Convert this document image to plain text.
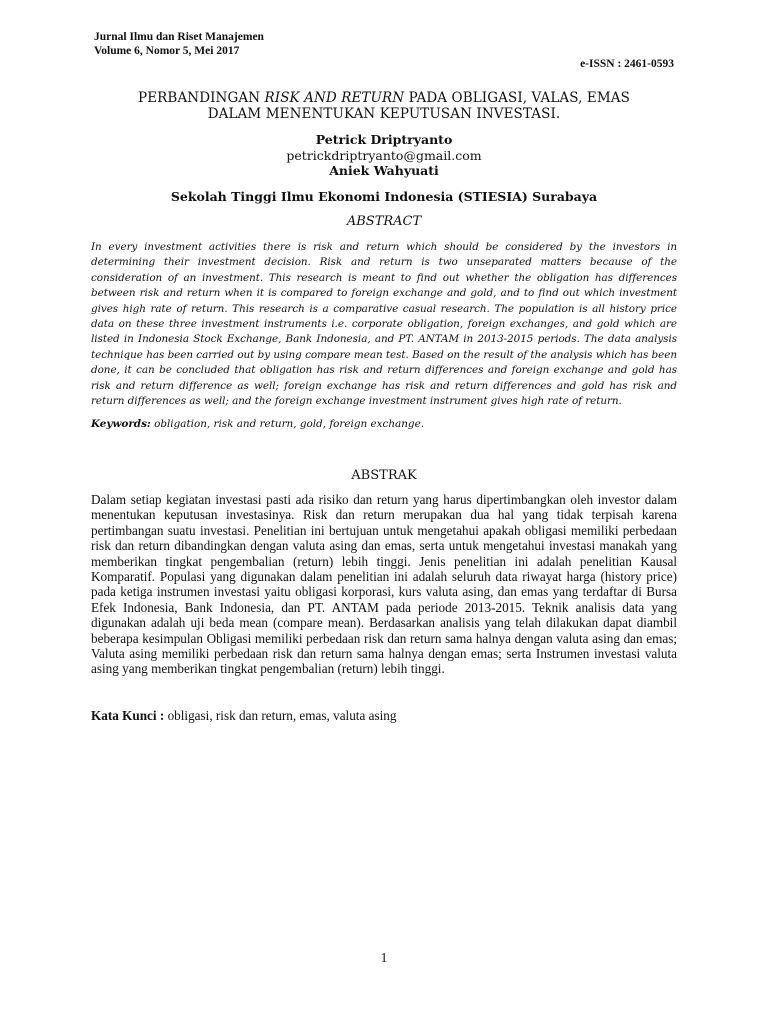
Jurnal Ilmu dan Riset Manajemen
Volume 6, Nomor 5, Mei 2017
e-ISSN : 2461-0593
PERBANDINGAN RISK AND RETURN PADA OBLIGASI, VALAS, EMAS
DALAM MENENTUKAN KEPUTUSAN INVESTASI.
Petrick Driptryanto
petrickdriptryanto@gmail.com
Aniek Wahyuati
Sekolah Tinggi Ilmu Ekonomi Indonesia (STIESIA) Surabaya
ABSTRACT
In every investment activities there is risk and return which should be considered by the investors in determining their investment decision. Risk and return is two unseparated matters because of the consideration of an investment. This research is meant to find out whether the obligation has differences between risk and return when it is compared to foreign exchange and gold, and to find out which investment gives high rate of return. This research is a comparative casual research. The population is all history price data on these three investment instruments i.e. corporate obligation, foreign exchanges, and gold which are listed in Indonesia Stock Exchange, Bank Indonesia, and PT. ANTAM in 2013-2015 periods. The data analysis technique has been carried out by using compare mean test. Based on the result of the analysis which has been done, it can be concluded that obligation has risk and return differences and foreign exchange and gold has risk and return difference as well; foreign exchange has risk and return differences and gold has risk and return differences as well; and the foreign exchange investment instrument gives high rate of return.
Keywords: obligation, risk and return, gold, foreign exchange.
ABSTRAK
Dalam setiap kegiatan investasi pasti ada risiko dan return yang harus dipertimbangkan oleh investor dalam menentukan keputusan investasinya. Risk dan return merupakan dua hal yang tidak terpisah karena pertimbangan suatu investasi. Penelitian ini bertujuan untuk mengetahui apakah obligasi memiliki perbedaan risk dan return dibandingkan dengan valuta asing dan emas, serta untuk mengetahui investasi manakah yang memberikan tingkat pengembalian (return) lebih tinggi. Jenis penelitian ini adalah penelitian Kausal Komparatif. Populasi yang digunakan dalam penelitian ini adalah seluruh data riwayat harga (history price) pada ketiga instrumen investasi yaitu obligasi korporasi, kurs valuta asing, dan emas yang terdaftar di Bursa Efek Indonesia, Bank Indonesia, dan PT. ANTAM pada periode 2013-2015. Teknik analisis data yang digunakan adalah uji beda mean (compare mean). Berdasarkan analisis yang telah dilakukan dapat diambil beberapa kesimpulan Obligasi memiliki perbedaan risk dan return sama halnya dengan valuta asing dan emas; Valuta asing memiliki perbedaan risk dan return sama halnya dengan emas; serta Instrumen investasi valuta asing yang memberikan tingkat pengembalian (return) lebih tinggi.
Kata Kunci : obligasi, risk dan return, emas, valuta asing
1
